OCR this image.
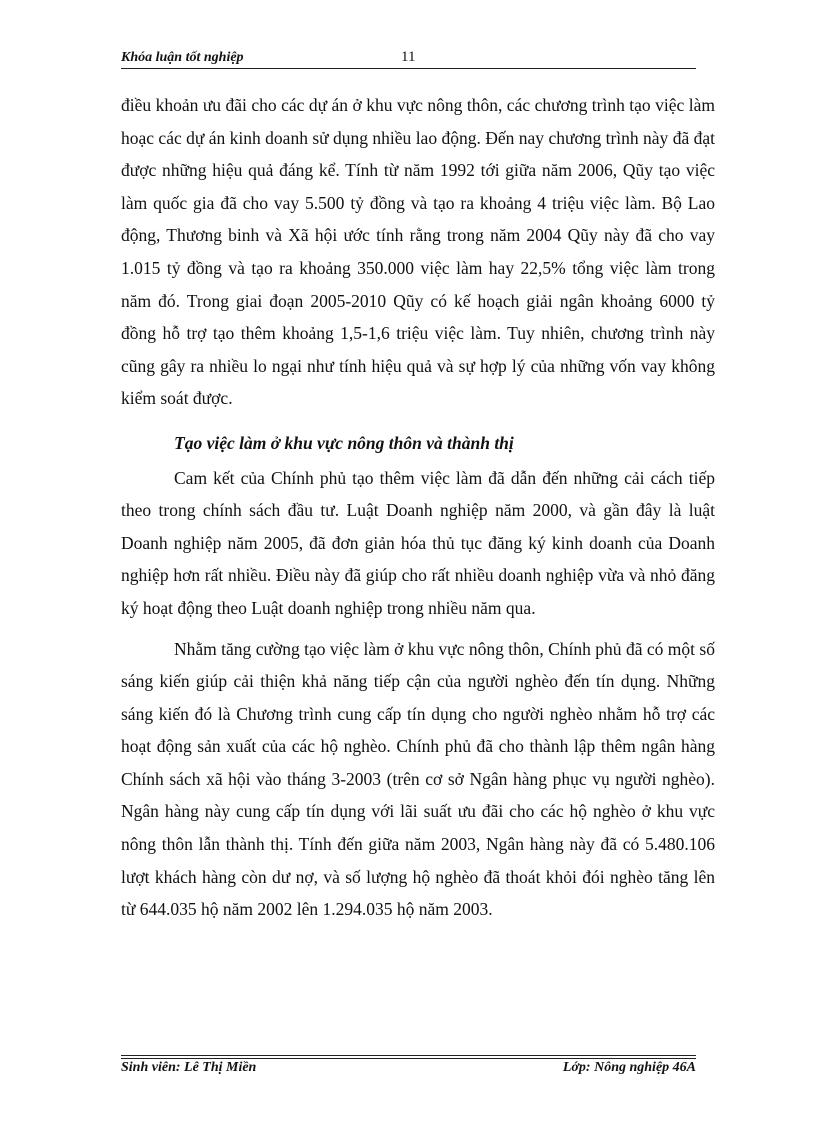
Khóa luận tốt nghiệp	11

điều khoản ưu đãi cho các dự án ở khu vực nông thôn, các chương trình tạo việc làm hoạc các dự án kinh doanh sử dụng nhiều lao động. Đến nay chương trình này đã đạt được những hiệu quả đáng kể. Tính từ năm 1992 tới giữa năm 2006, Qũy tạo việc làm quốc gia đã cho vay 5.500 tỷ đồng và tạo ra khoảng 4 triệu việc làm. Bộ Lao động, Thương binh và Xã hội ước tính rằng trong năm 2004 Qũy này đã cho vay 1.015 tỷ đồng và tạo ra khoảng 350.000 việc làm hay 22,5% tổng việc làm trong năm đó. Trong giai đoạn 2005-2010 Qũy có kế hoạch giải ngân khoảng 6000 tỷ đồng hỗ trợ tạo thêm khoảng 1,5-1,6 triệu việc làm. Tuy nhiên, chương trình này cũng gây ra nhiều lo ngại như tính hiệu quả và sự hợp lý của những vốn vay không kiểm soát được.

Tạo việc làm ở khu vực nông thôn và thành thị

Cam kết của Chính phủ tạo thêm việc làm đã dẫn đến những cải cách tiếp theo trong chính sách đầu tư. Luật Doanh nghiệp năm 2000, và gần đây là luật Doanh nghiệp năm 2005, đã đơn giản hóa thủ tục đăng ký kinh doanh của Doanh nghiệp hơn rất nhiều. Điều này đã giúp cho rất nhiều doanh nghiệp vừa và nhỏ đăng ký hoạt động theo Luật doanh nghiệp trong nhiều năm qua.

Nhằm tăng cường tạo việc làm ở khu vực nông thôn, Chính phủ đã có một số sáng kiến giúp cải thiện khả năng tiếp cận của người nghèo đến tín dụng. Những sáng kiến đó là Chương trình cung cấp tín dụng cho người nghèo nhằm hỗ trợ các hoạt động sản xuất của các hộ nghèo. Chính phủ đã cho thành lập thêm ngân hàng Chính sách xã hội vào tháng 3-2003 (trên cơ sở Ngân hàng phục vụ người nghèo). Ngân hàng này cung cấp tín dụng với lãi suất ưu đãi cho các hộ nghèo ở khu vực nông thôn lẫn thành thị. Tính đến giữa năm 2003, Ngân hàng này đã có 5.480.106 lượt khách hàng còn dư nợ, và số lượng hộ nghèo đã thoát khỏi đói nghèo tăng lên từ 644.035 hộ năm 2002 lên 1.294.035 hộ năm 2003.

Sinh viên: Lê Thị Miền	Lớp: Nông nghiệp 46A
